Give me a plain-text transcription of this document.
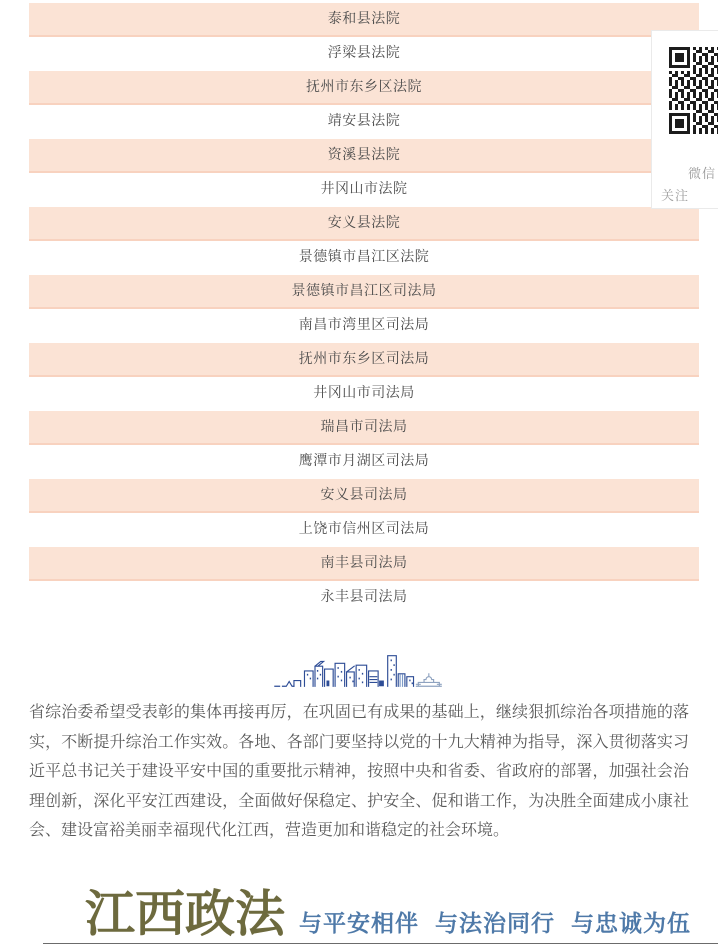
泰和县法院
浮梁县法院
抚州市东乡区法院
靖安县法院
资溪县法院
井冈山市法院
安义县法院
景德镇市昌江区法院
景德镇市昌江区司法局
南昌市湾里区司法局
抚州市东乡区司法局
井冈山市司法局
瑞昌市司法局
鹰潭市月湖区司法局
安义县司法局
上饶市信州区司法局
南丰县司法局
永丰县司法局
微信
关注

省综治委希望受表彰的集体再接再厉，在巩固已有成果的基础上，继续狠抓综治各项措施的落实，不断提升综治工作实效。各地、各部门要坚持以党的十九大精神为指导，深入贯彻落实习近平总书记关于建设平安中国的重要批示精神，按照中央和省委、省政府的部署，加强社会治理创新，深化平安江西建设，全面做好保稳定、护安全、促和谐工作，为决胜全面建成小康社会、建设富裕美丽幸福现代化江西，营造更加和谐稳定的社会环境。

江西政法 与平安相伴 与法治同行 与忠诚为伍
